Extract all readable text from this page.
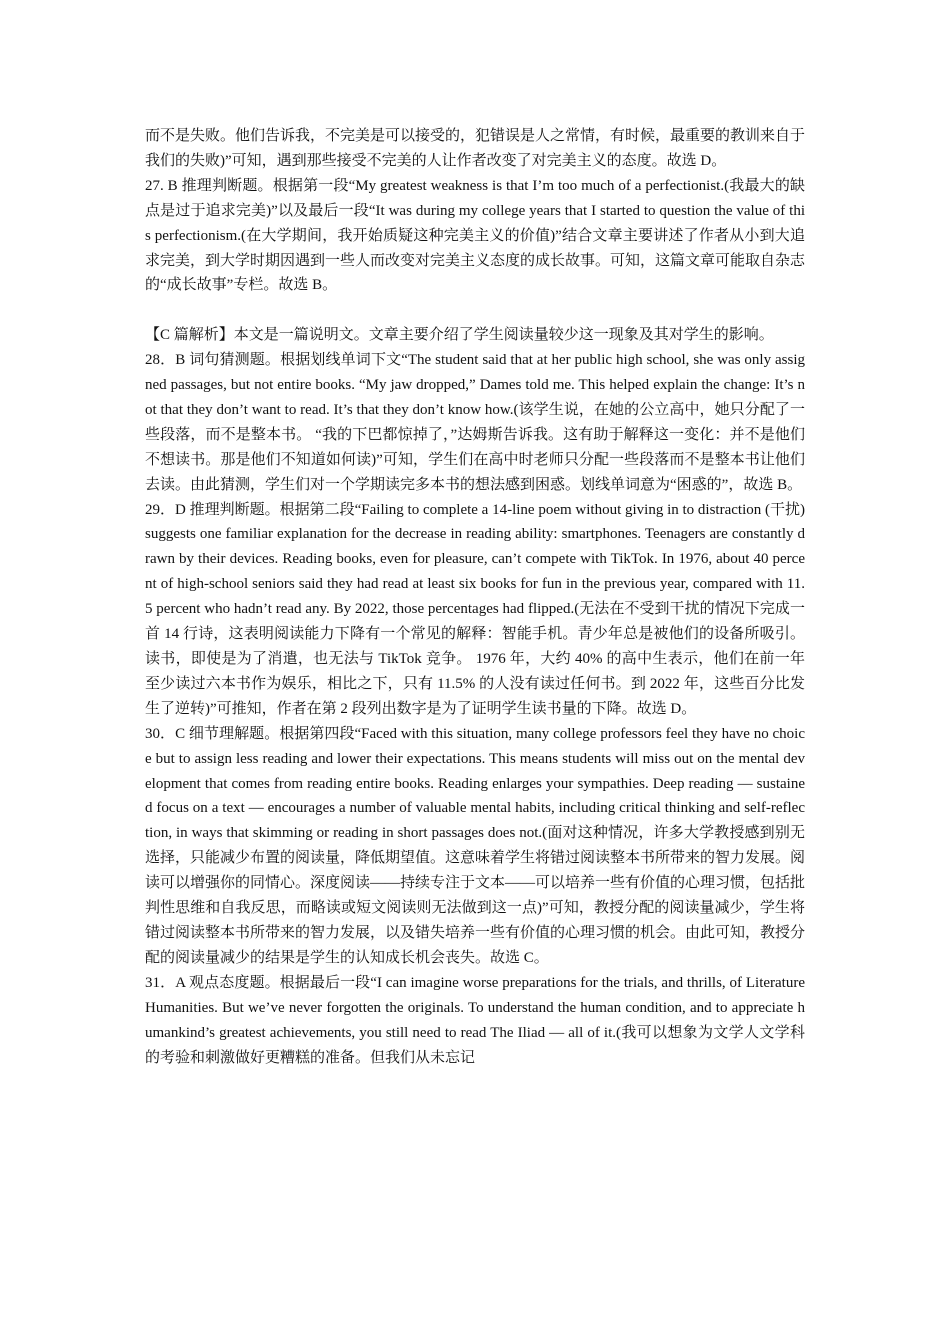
而不是失败。他们告诉我，不完美是可以接受的，犯错误是人之常情，有时候，最重要的教训来自于我们的失败)”可知，遇到那些接受不完美的人让作者改变了对完美主义的态度。故选 D。

27. B 推理判断题。根据第一段“My greatest weakness is that I’m too much of a perfectionist.(我最大的缺点是过于追求完美)”以及最后一段“It was during my college years that I started to question the value of this perfectionism.(在大学期间，我开始质疑这种完美主义的价值)”结合文章主要讲述了作者从小到大追求完美，到大学时期因遇到一些人而改变对完美主义态度的成长故事。可知，这篇文章可能取自杂志的“成长故事”专栏。故选 B。

【C 篇解析】本文是一篇说明文。文章主要介绍了学生阅读量较少这一现象及其对学生的影响。

28．B 词句猜测题。根据划线单词下文“The student said that at her public high school, she was only assigned passages, but not entire books. “My jaw dropped,” Dames told me. This helped explain the change: It’s not that they don’t want to read. It’s that they don’t know how.(该学生说，在她的公立高中，她只分配了一些段落，而不是整本书。 “我的下巴都惊掉了，”达姆斯告诉我。这有助于解释这一变化：并不是他们不想读书。那是他们不知道如何读)”可知，学生们在高中时老师只分配一些段落而不是整本书让他们去读。由此猜测，学生们对一个学期读完多本书的想法感到困惑。划线单词意为“困惑的”，故选 B。

29．D 推理判断题。根据第二段“Failing to complete a 14-line poem without giving in to distraction (干扰) suggests one familiar explanation for the decrease in reading ability: smartphones. Teenagers are constantly drawn by their devices. Reading books, even for pleasure, can’t compete with TikTok. In 1976, about 40 percent of high-school seniors said they had read at least six books for fun in the previous year, compared with 11.5 percent who hadn’t read any. By 2022, those percentages had flipped.(无法在不受到干扰的情况下完成一首 14 行诗，这表明阅读能力下降有一个常见的解释：智能手机。青少年总是被他们的设备所吸引。读书，即使是为了消遣，也无法与 TikTok 竞争。 1976 年，大约 40% 的高中生表示，他们在前一年至少读过六本书作为娱乐，相比之下，只有 11.5% 的人没有读过任何书。到 2022 年，这些百分比发生了逆转)”可推知，作者在第 2 段列出数字是为了证明学生读书量的下降。故选 D。

30．C 细节理解题。根据第四段“Faced with this situation, many college professors feel they have no choice but to assign less reading and lower their expectations. This means students will miss out on the mental development that comes from reading entire books. Reading enlarges your sympathies. Deep reading — sustained focus on a text — encourages a number of valuable mental habits, including critical thinking and self-reflection, in ways that skimming or reading in short passages does not.(面对这种情况，许多大学教授感到别无选择，只能减少布置的阅读量，降低期望值。这意味着学生将错过阅读整本书所带来的智力发展。阅读可以增强你的同情心。深度阅读——持续专注于文本——可以培养一些有价值的心理习惯，包括批判性思维和自我反思，而略读或短文阅读则无法做到这一点)”可知，教授分配的阅读量减少，学生将错过阅读整本书所带来的智力发展，以及错失培养一些有价值的心理习惯的机会。由此可知，教授分配的阅读量减少的结果是学生的认知成长机会丧失。故选 C。

31．A 观点态度题。根据最后一段“I can imagine worse preparations for the trials, and thrills, of Literature Humanities. But we’ve never forgotten the originals. To understand the human condition, and to appreciate humankind’s greatest achievements, you still need to read The Iliad — all of it.(我可以想象为文学人文学科的考验和刺激做好更糟糕的准备。但我们从未忘记
